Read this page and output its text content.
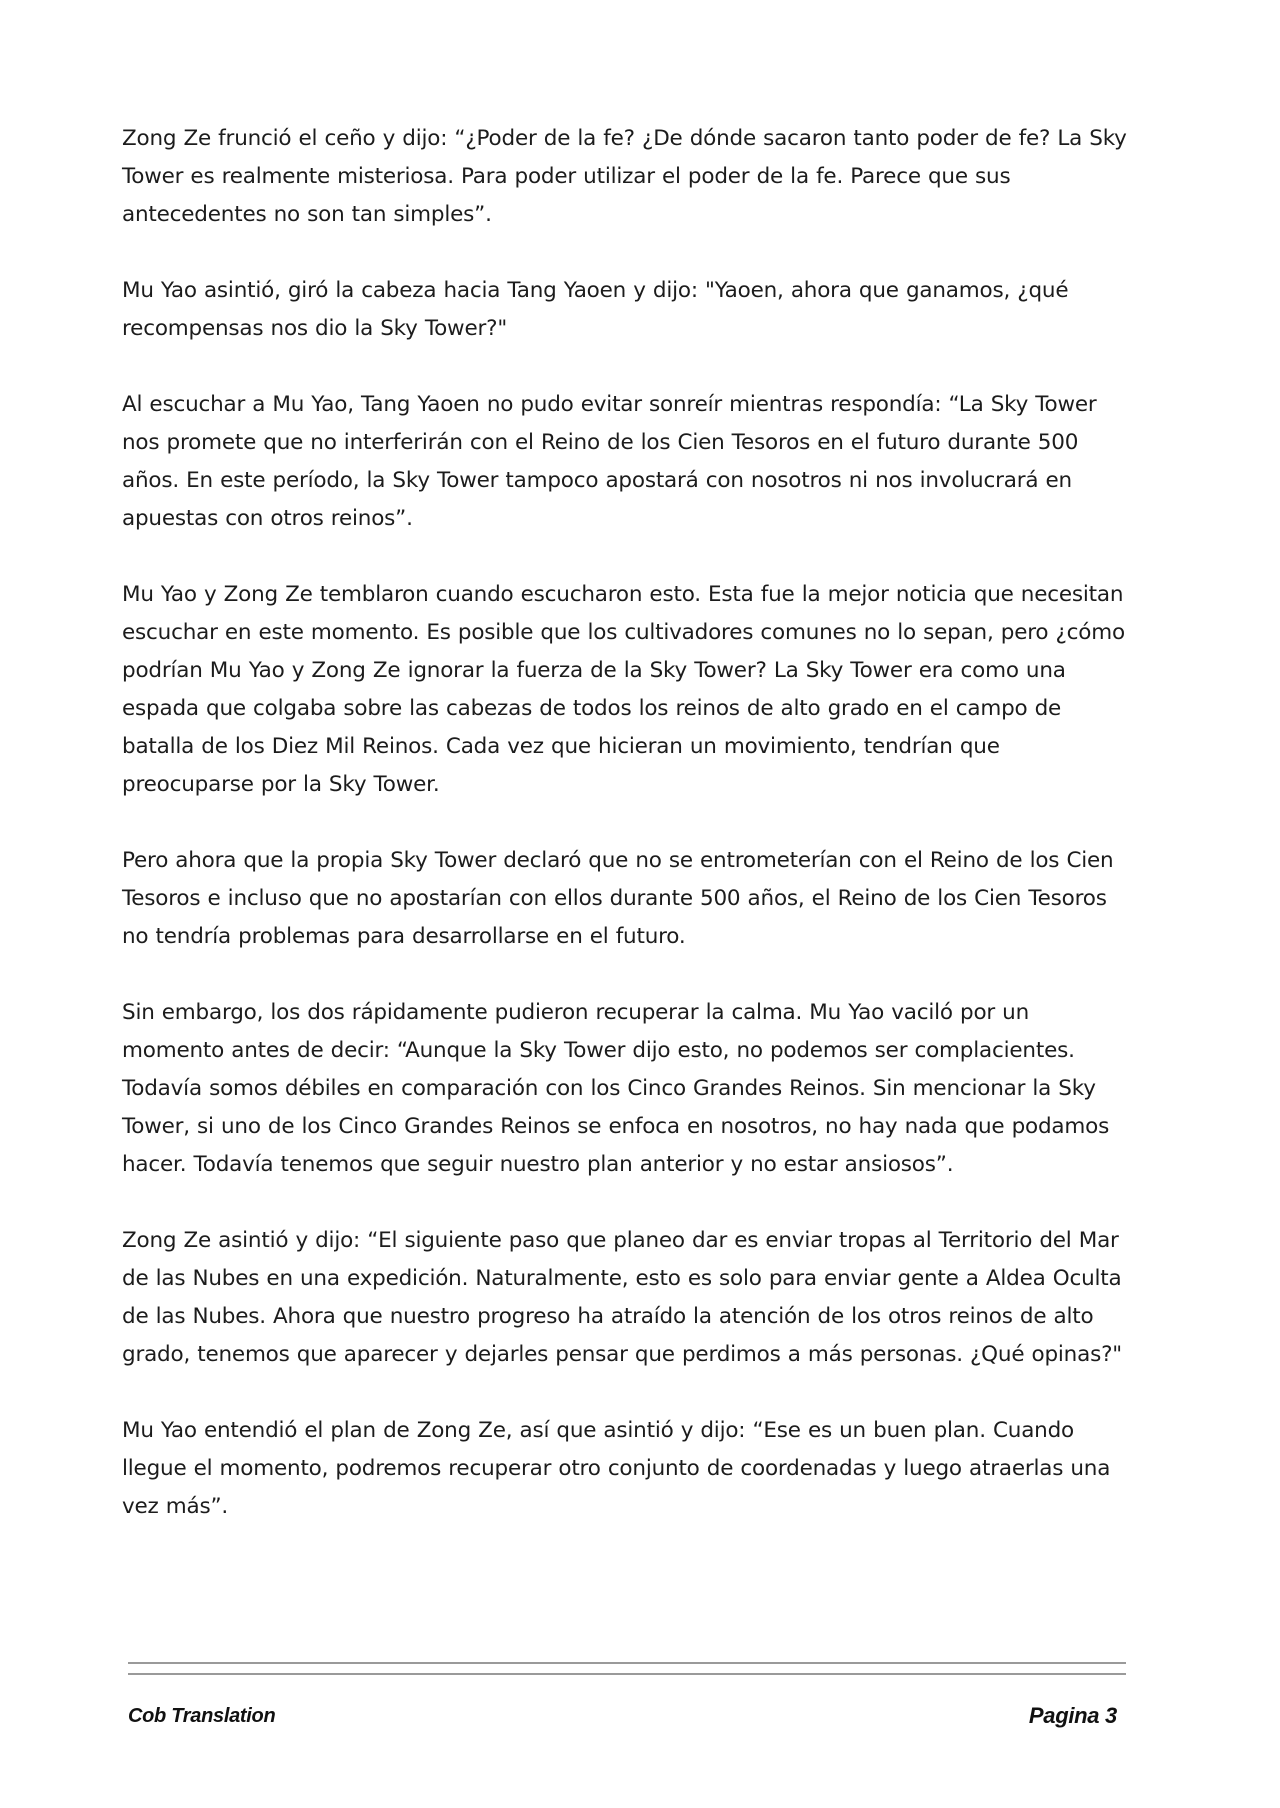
Zong Ze frunció el ceño y dijo: “¿Poder de la fe? ¿De dónde sacaron tanto poder de fe? La Sky Tower es realmente misteriosa. Para poder utilizar el poder de la fe. Parece que sus antecedentes no son tan simples”.

Mu Yao asintió, giró la cabeza hacia Tang Yaoen y dijo: "Yaoen, ahora que ganamos, ¿qué recompensas nos dio la Sky Tower?"

Al escuchar a Mu Yao, Tang Yaoen no pudo evitar sonreír mientras respondía: “La Sky Tower nos promete que no interferirán con el Reino de los Cien Tesoros en el futuro durante 500 años. En este período, la Sky Tower tampoco apostará con nosotros ni nos involucrará en apuestas con otros reinos”.

Mu Yao y Zong Ze temblaron cuando escucharon esto. Esta fue la mejor noticia que necesitan escuchar en este momento. Es posible que los cultivadores comunes no lo sepan, pero ¿cómo podrían Mu Yao y Zong Ze ignorar la fuerza de la Sky Tower? La Sky Tower era como una espada que colgaba sobre las cabezas de todos los reinos de alto grado en el campo de batalla de los Diez Mil Reinos. Cada vez que hicieran un movimiento, tendrían que preocuparse por la Sky Tower.

Pero ahora que la propia Sky Tower declaró que no se entrometerían con el Reino de los Cien Tesoros e incluso que no apostarían con ellos durante 500 años, el Reino de los Cien Tesoros no tendría problemas para desarrollarse en el futuro.

Sin embargo, los dos rápidamente pudieron recuperar la calma. Mu Yao vaciló por un momento antes de decir: “Aunque la Sky Tower dijo esto, no podemos ser complacientes. Todavía somos débiles en comparación con los Cinco Grandes Reinos. Sin mencionar la Sky Tower, si uno de los Cinco Grandes Reinos se enfoca en nosotros, no hay nada que podamos hacer. Todavía tenemos que seguir nuestro plan anterior y no estar ansiosos”.

Zong Ze asintió y dijo: “El siguiente paso que planeo dar es enviar tropas al Territorio del Mar de las Nubes en una expedición. Naturalmente, esto es solo para enviar gente a Aldea Oculta de las Nubes. Ahora que nuestro progreso ha atraído la atención de los otros reinos de alto grado, tenemos que aparecer y dejarles pensar que perdimos a más personas. ¿Qué opinas?"

Mu Yao entendió el plan de Zong Ze, así que asintió y dijo: “Ese es un buen plan. Cuando llegue el momento, podremos recuperar otro conjunto de coordenadas y luego atraerlas una vez más”.

Cob Translation	Pagina 3
